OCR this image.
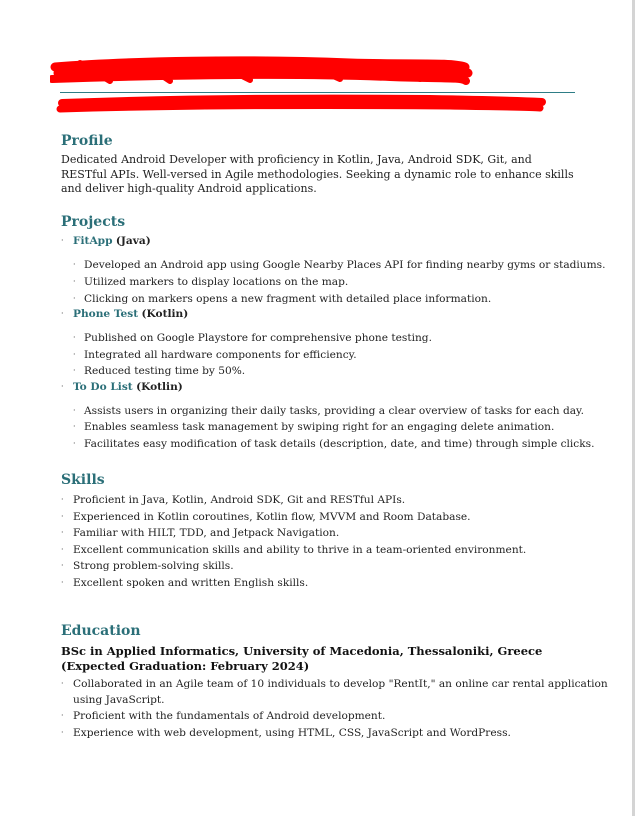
Profile

Dedicated Android Developer with proficiency in Kotlin, Java, Android SDK, Git, and RESTful APIs. Well-versed in Agile methodologies. Seeking a dynamic role to enhance skills and deliver high-quality Android applications.

Projects
· FitApp (Java)
· Developed an Android app using Google Nearby Places API for finding nearby gyms or stadiums.
· Utilized markers to display locations on the map.
· Clicking on markers opens a new fragment with detailed place information.
· Phone Test (Kotlin)
· Published on Google Playstore for comprehensive phone testing.
· Integrated all hardware components for efficiency.
· Reduced testing time by 50%.
· To Do List (Kotlin)
· Assists users in organizing their daily tasks, providing a clear overview of tasks for each day.
· Enables seamless task management by swiping right for an engaging delete animation.
· Facilitates easy modification of task details (description, date, and time) through simple clicks.
Skills
· Proficient in Java, Kotlin, Android SDK, Git and RESTful APIs.
· Experienced in Kotlin coroutines, Kotlin flow, MVVM and Room Database.
· Familiar with HILT, TDD, and Jetpack Navigation.
· Excellent communication skills and ability to thrive in a team-oriented environment.
· Strong problem-solving skills.
· Excellent spoken and written English skills.
Education

BSc in Applied Informatics, University of Macedonia, Thessaloniki, Greece (Expected Graduation: February 2024)

· Collaborated in an Agile team of 10 individuals to develop "RentIt," an online car rental application
using JavaScript.
· Proficient with the fundamentals of Android development.
· Experience with web development, using HTML, CSS, JavaScript and WordPress.
